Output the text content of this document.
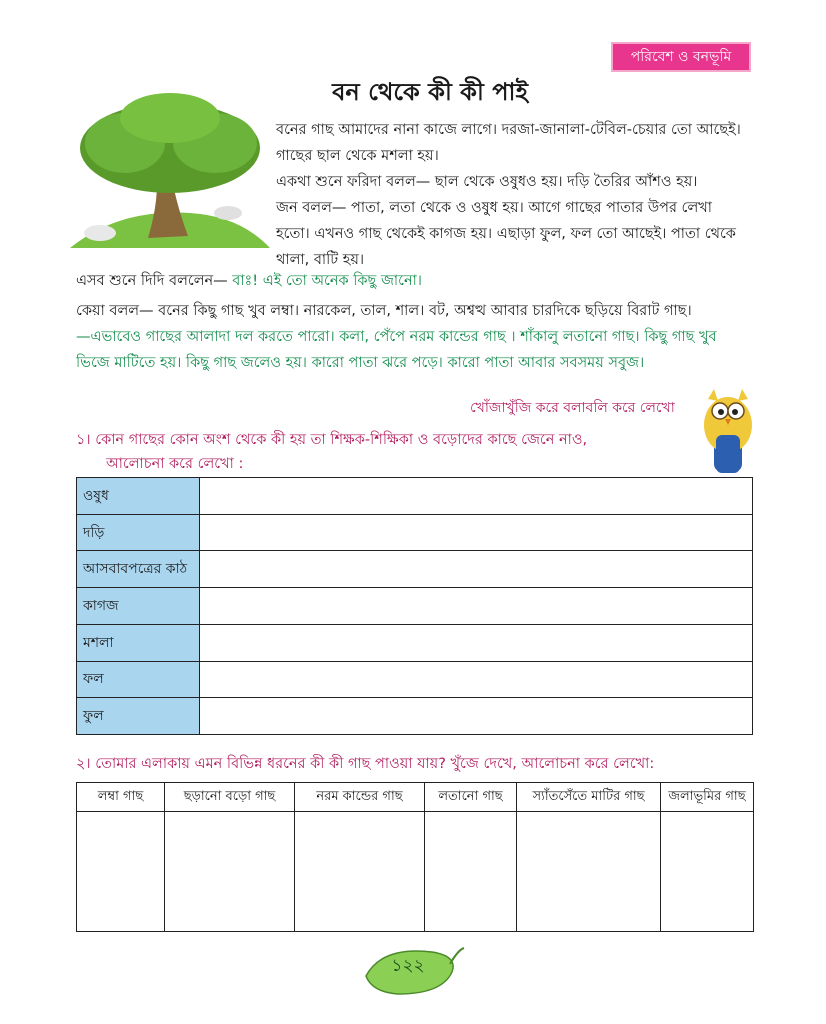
পরিবেশ ও বনভূমি
বন থেকে কী কী পাই

বনের গাছ আমাদের নানা কাজে লাগে। দরজা-জানালা-টেবিল-চেয়ার তো আছেই।
গাছের ছাল থেকে মশলা হয়।
একথা শুনে ফরিদা বলল— ছাল থেকে ওষুধও হয়। দড়ি তৈরির আঁশও হয়।
জন বলল— পাতা, লতা থেকে ও ওষুধ হয়। আগে গাছের পাতার উপর লেখা
হতো। এখনও গাছ থেকেই কাগজ হয়। এছাড়া ফুল, ফল তো আছেই। পাতা থেকে
থালা, বাটি হয়।

এসব শুনে দিদি বললেন— বাঃ! এই তো অনেক কিছু জানো।

কেয়া বলল— বনের কিছু গাছ খুব লম্বা। নারকেল, তাল, শাল। বট, অশ্বত্থ আবার চারদিকে ছড়িয়ে বিরাট গাছ।
—এভাবেও গাছের আলাদা দল করতে পারো। কলা, পেঁপে নরম কান্ডের গাছ । শাঁকালু লতানো গাছ। কিছু গাছ খুব
ভিজে মাটিতে হয়। কিছু গাছ জলেও হয়। কারো পাতা ঝরে পড়ে। কারো পাতা আবার সবসময় সবুজ।

খোঁজাখুঁজি করে বলাবলি করে লেখো

১। কোন গাছের কোন অংশ থেকে কী হয় তা শিক্ষক-শিক্ষিকা ও বড়োদের কাছে জেনে নাও,
আলোচনা করে লেখো :

ওষুধ	
দড়ি	
আসবাবপত্রের কাঠ	
কাগজ	
মশলা	
ফল	
ফুল	

২। তোমার এলাকায় এমন বিভিন্ন ধরনের কী কী গাছ পাওয়া যায়? খুঁজে দেখে, আলোচনা করে লেখো:

লম্বা গাছ	ছড়ানো বড়ো গাছ	নরম কান্ডের গাছ	লতানো গাছ	স্যাঁতসেঁতে মাটির গাছ	জলাভূমির গাছ

১২২
